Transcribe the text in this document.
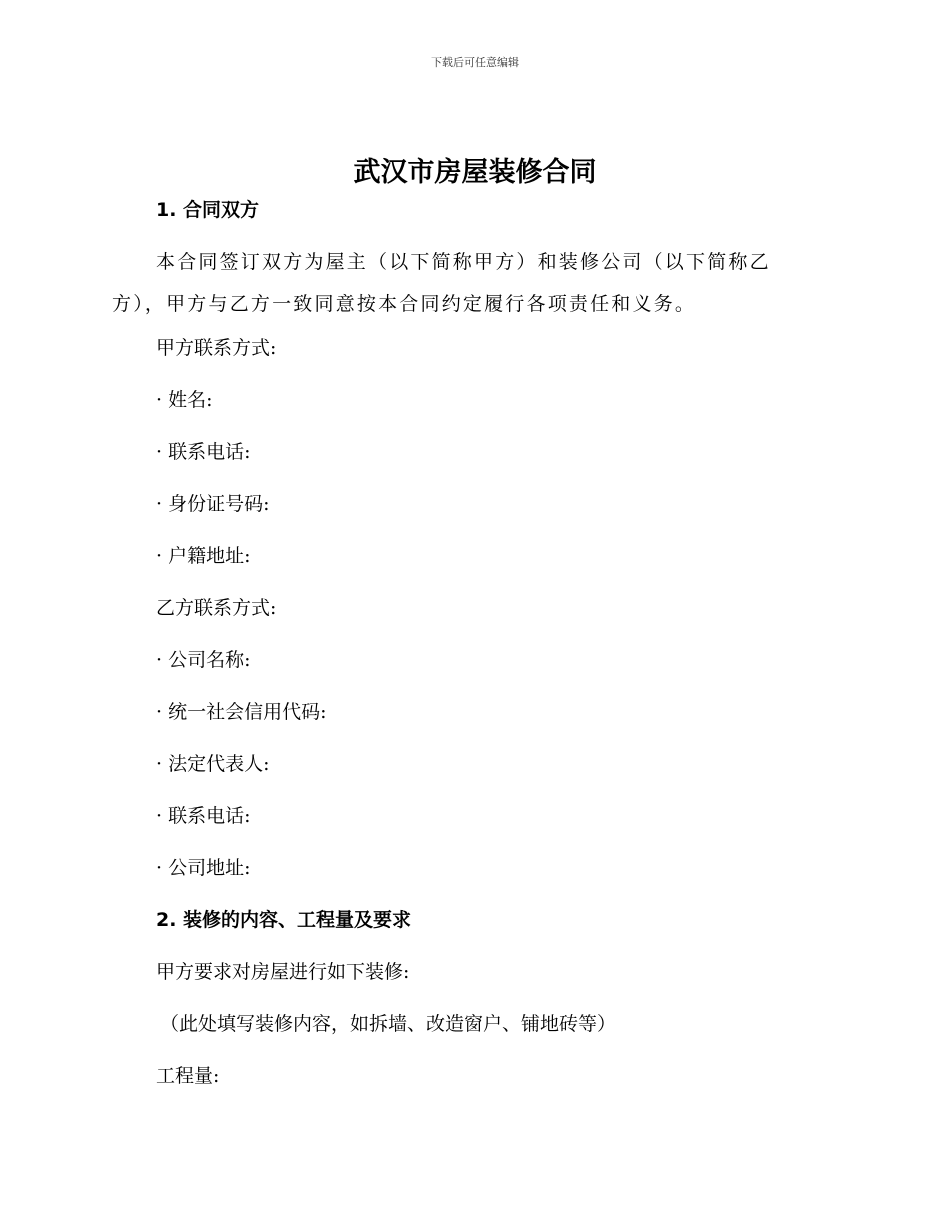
下载后可任意编辑
武汉市房屋装修合同
1. 合同双方
本合同签订双方为屋主（以下简称甲方）和装修公司（以下简称乙方），甲方与乙方一致同意按本合同约定履行各项责任和义务。
甲方联系方式:
· 姓名:
· 联系电话:
· 身份证号码:
· 户籍地址:
乙方联系方式:
· 公司名称:
· 统一社会信用代码:
· 法定代表人:
· 联系电话:
· 公司地址:
2. 装修的内容、工程量及要求
甲方要求对房屋进行如下装修:
（此处填写装修内容，如拆墙、改造窗户、铺地砖等）
工程量:
